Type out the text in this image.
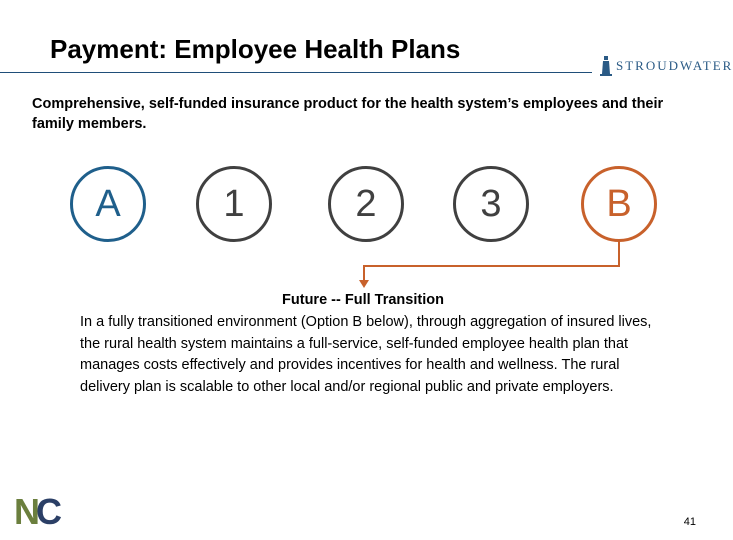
Payment: Employee Health Plans
STROUDWATER
Comprehensive, self-funded insurance product for the health system’s employees and their family members.
A	1	2	3	B
Future -- Full Transition
In a fully transitioned environment (Option B below), through aggregation of insured lives, the rural health system maintains a full-service, self-funded employee health plan that manages costs effectively and provides incentives for health and wellness. The rural delivery plan is scalable to other local and/or regional public and private employers.
N
C	41
